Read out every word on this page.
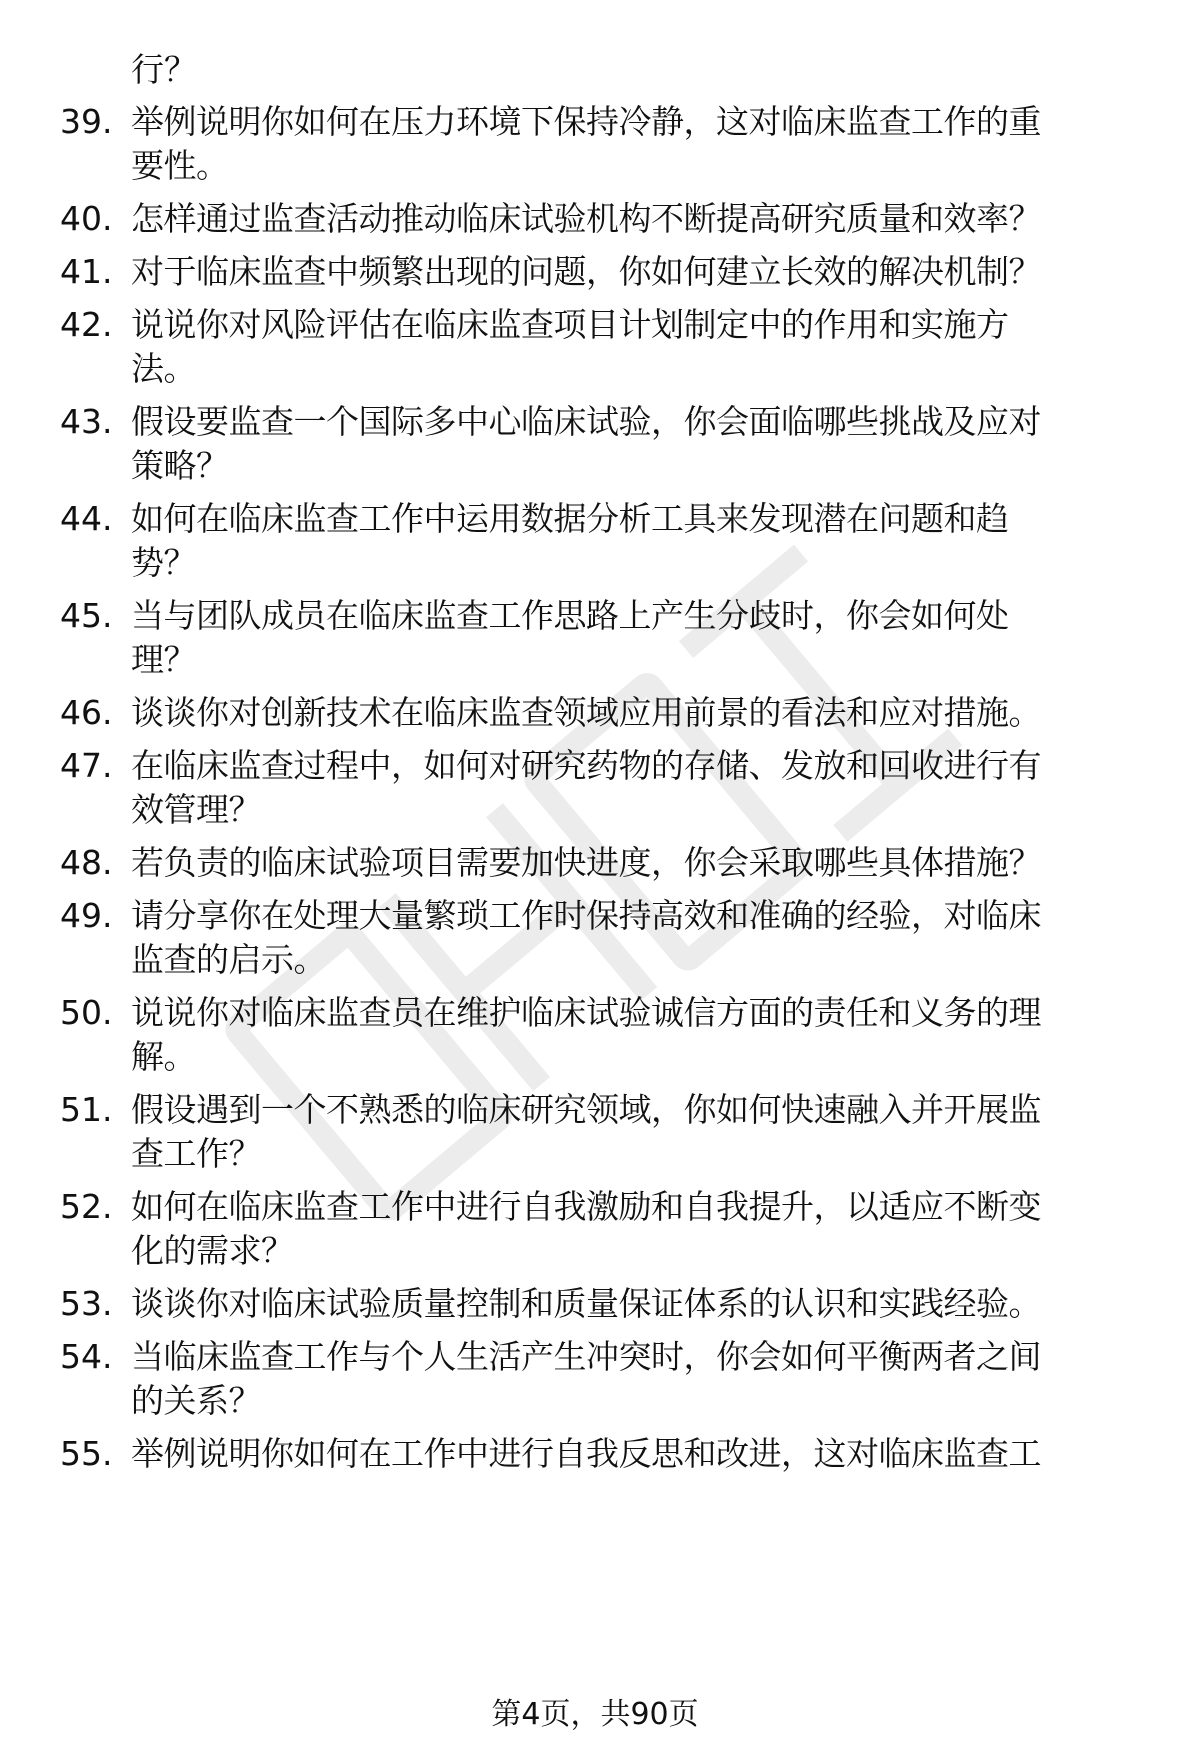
行？
39. 举例说明你如何在压力环境下保持冷静，这对临床监查工作的重
要性。
40. 怎样通过监查活动推动临床试验机构不断提高研究质量和效率？
41. 对于临床监查中频繁出现的问题，你如何建立长效的解决机制？
42. 说说你对风险评估在临床监查项目计划制定中的作用和实施方
法。
43. 假设要监查一个国际多中心临床试验，你会面临哪些挑战及应对
策略？
44. 如何在临床监查工作中运用数据分析工具来发现潜在问题和趋
势？
45. 当与团队成员在临床监查工作思路上产生分歧时，你会如何处
理？
46. 谈谈你对创新技术在临床监查领域应用前景的看法和应对措施。
47. 在临床监查过程中，如何对研究药物的存储、发放和回收进行有
效管理？
48. 若负责的临床试验项目需要加快进度，你会采取哪些具体措施？
49. 请分享你在处理大量繁琐工作时保持高效和准确的经验，对临床
监查的启示。
50. 说说你对临床监查员在维护临床试验诚信方面的责任和义务的理
解。
51. 假设遇到一个不熟悉的临床研究领域，你如何快速融入并开展监
查工作？
52. 如何在临床监查工作中进行自我激励和自我提升，以适应不断变
化的需求？
53. 谈谈你对临床试验质量控制和质量保证体系的认识和实践经验。
54. 当临床监查工作与个人生活产生冲突时，你会如何平衡两者之间
的关系？
55. 举例说明你如何在工作中进行自我反思和改进，这对临床监查工
第4页，共90页
